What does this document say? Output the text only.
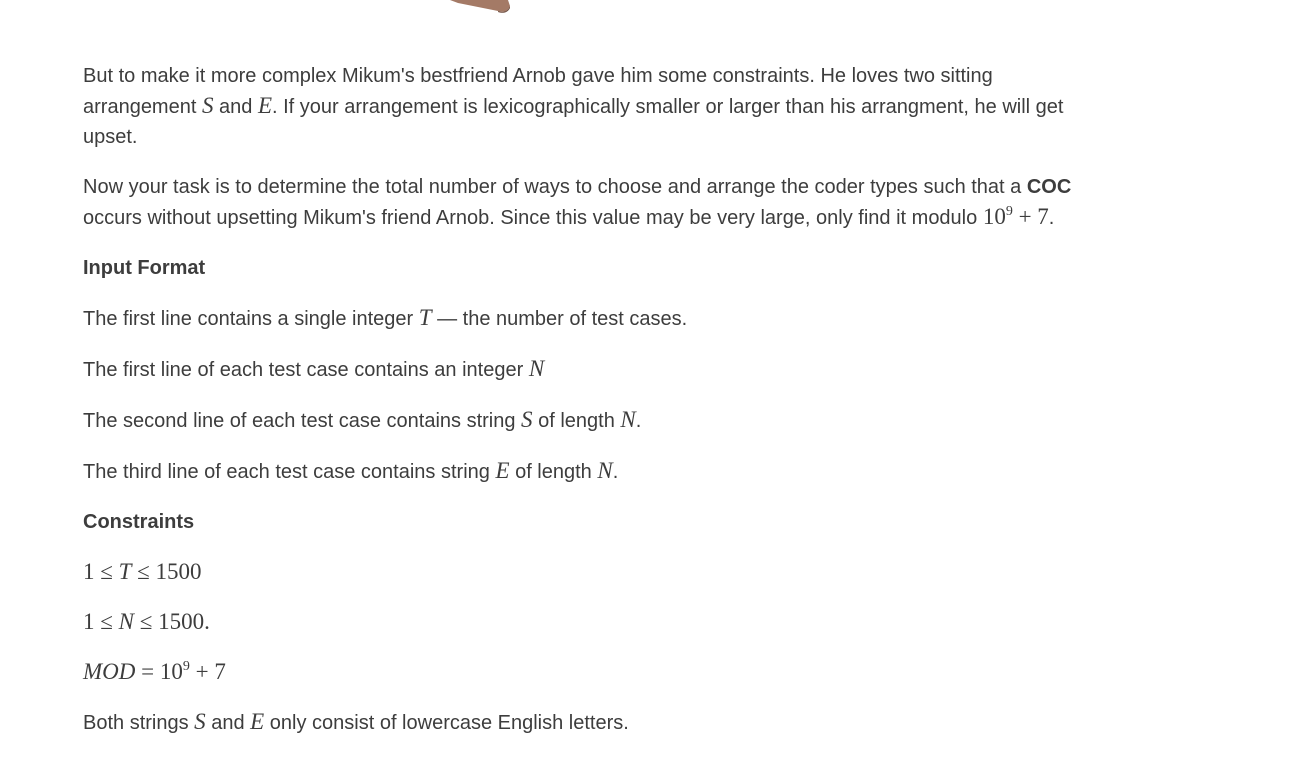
But to make it more complex Mikum's bestfriend Arnob gave him some constraints. He loves two sitting arrangement S and E. If your arrangement is lexicographically smaller or larger than his arrangment, he will get upset.

Now your task is to determine the total number of ways to choose and arrange the coder types such that a COC occurs without upsetting Mikum's friend Arnob. Since this value may be very large, only find it modulo $10^9 + 7$.

Input Format

The first line contains a single integer T — the number of test cases.

The first line of each test case contains an integer N

The second line of each test case contains string S of length N.

The third line of each test case contains string E of length N.

Constraints

1 ≤ T ≤ 1500

1 ≤ N ≤ 1500.

MOD = $10^9 + 7$

Both strings S and E only consist of lowercase English letters.
